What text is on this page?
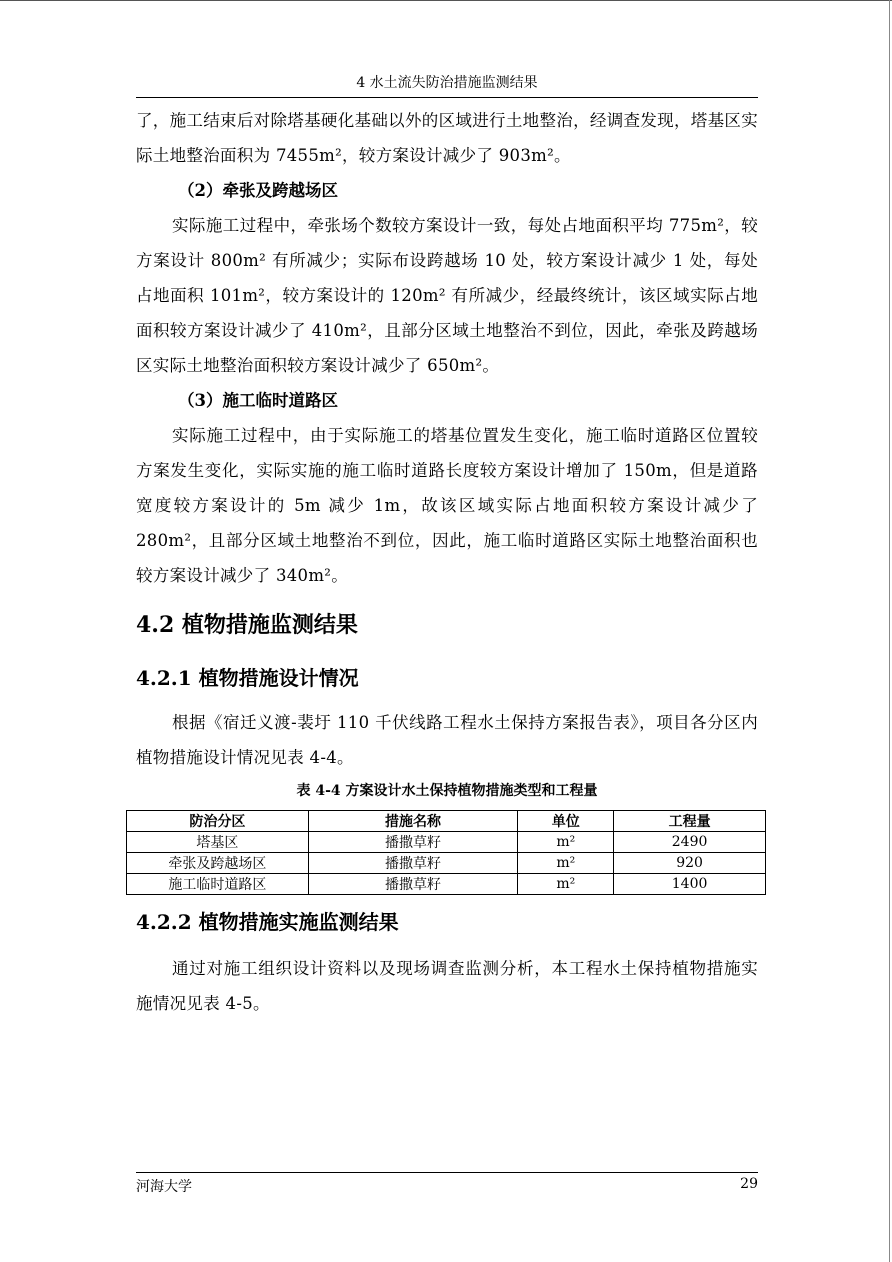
4 水土流失防治措施监测结果

了，施工结束后对除塔基硬化基础以外的区域进行土地整治，经调查发现，塔基区实际土地整治面积为 7455m²，较方案设计减少了 903m²。

（2）牵张及跨越场区

实际施工过程中，牵张场个数较方案设计一致，每处占地面积平均 775m²，较方案设计 800m² 有所减少；实际布设跨越场 10 处，较方案设计减少 1 处，每处占地面积 101m²，较方案设计的 120m² 有所减少，经最终统计，该区域实际占地面积较方案设计减少了 410m²，且部分区域土地整治不到位，因此，牵张及跨越场区实际土地整治面积较方案设计减少了 650m²。

（3）施工临时道路区

实际施工过程中，由于实际施工的塔基位置发生变化，施工临时道路区位置较方案发生变化，实际实施的施工临时道路长度较方案设计增加了 150m，但是道路宽度较方案设计的 5m 减少 1m，故该区域实际占地面积较方案设计减少了 280m²，且部分区域土地整治不到位，因此，施工临时道路区实际土地整治面积也较方案设计减少了 340m²。

4.2 植物措施监测结果
4.2.1 植物措施设计情况

根据《宿迁义渡-裴圩 110 千伏线路工程水土保持方案报告表》，项目各分区内植物措施设计情况见表 4-4。

表 4-4 方案设计水土保持植物措施类型和工程量
防治分区	措施名称	单位	工程量
塔基区	播撒草籽	m²	2490
牵张及跨越场区	播撒草籽	m²	920
施工临时道路区	播撒草籽	m²	1400
4.2.2 植物措施实施监测结果

通过对施工组织设计资料以及现场调查监测分析，本工程水土保持植物措施实施情况见表 4-5。

河海大学	29
